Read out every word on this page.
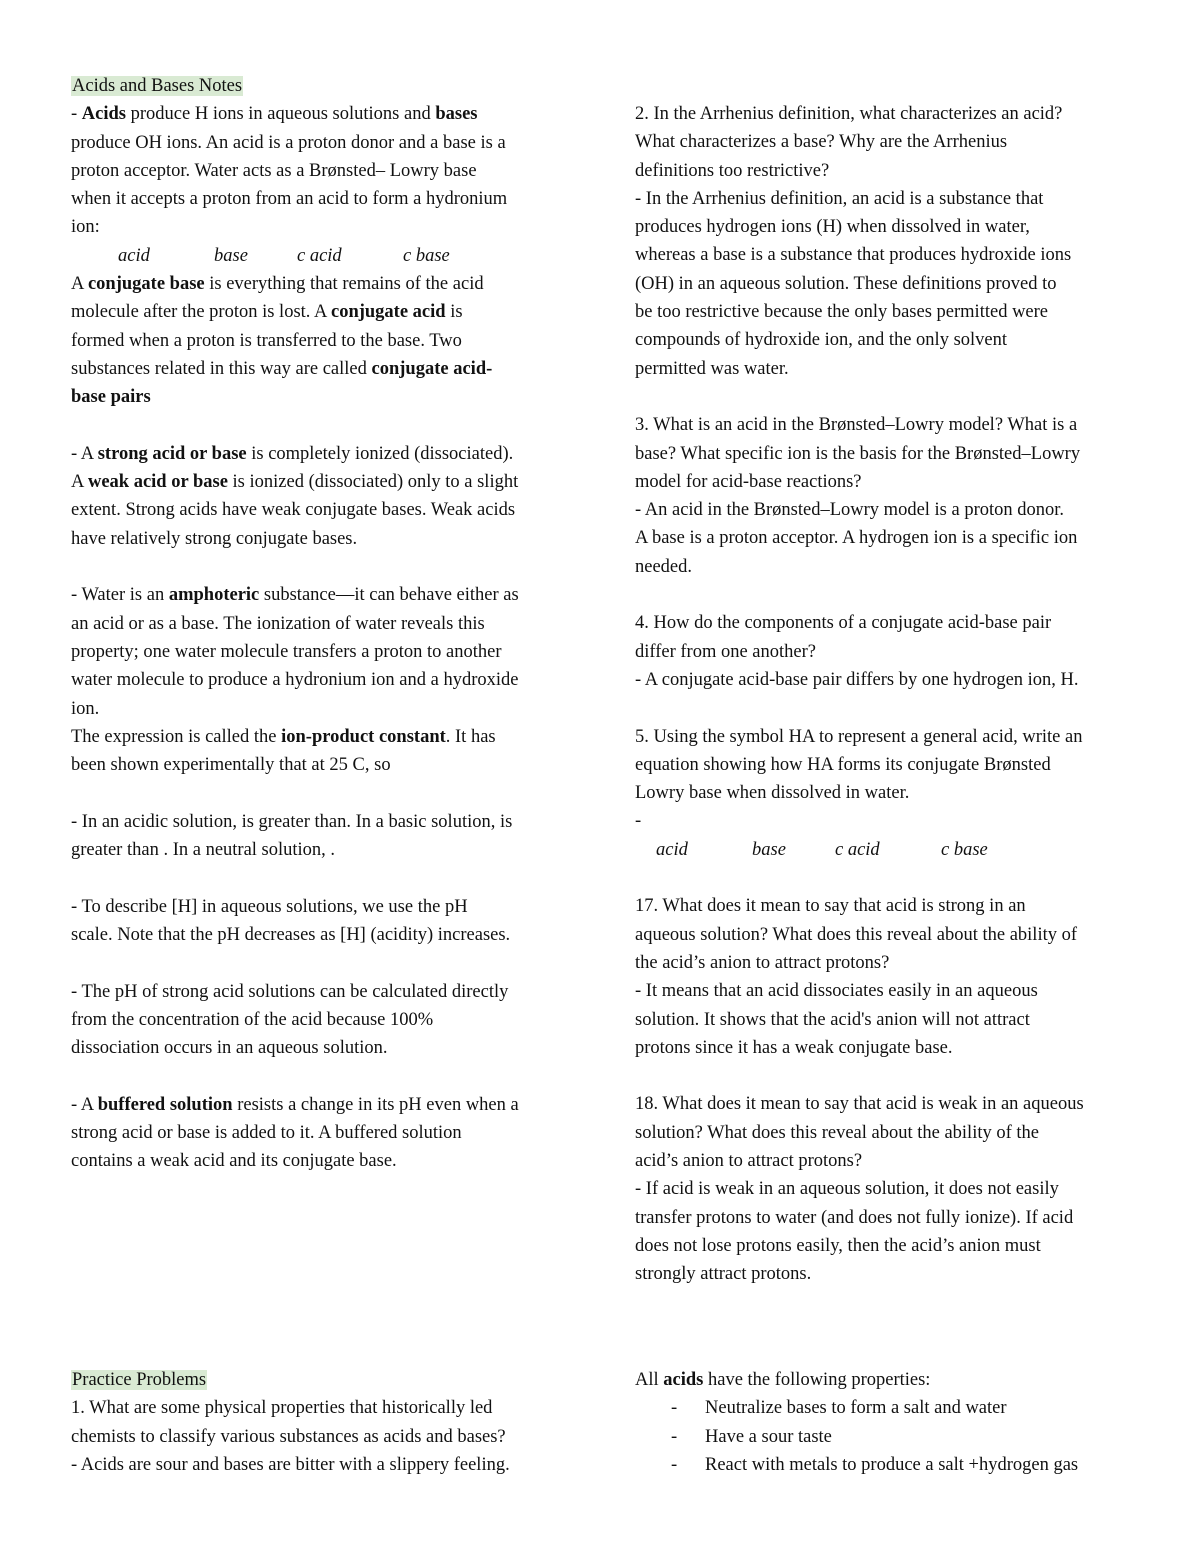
Acids and Bases Notes
- Acids produce H ions in aqueous solutions and bases
produce OH ions. An acid is a proton donor and a base is a
proton acceptor. Water acts as a Brønsted– Lowry base
when it accepts a proton from an acid to form a hydronium
ion:
acid	base	c acid	c base
A conjugate base is everything that remains of the acid
molecule after the proton is lost. A conjugate acid is
formed when a proton is transferred to the base. Two
substances related in this way are called conjugate acid-
base pairs
- A strong acid or base is completely ionized (dissociated).
A weak acid or base is ionized (dissociated) only to a slight
extent. Strong acids have weak conjugate bases. Weak acids
have relatively strong conjugate bases.
- Water is an amphoteric substance—it can behave either as
an acid or as a base. The ionization of water reveals this
property; one water molecule transfers a proton to another
water molecule to produce a hydronium ion and a hydroxide
ion.
The expression is called the ion-product constant. It has
been shown experimentally that at 25 C, so
- In an acidic solution, is greater than. In a basic solution, is
greater than . In a neutral solution, .
- To describe [H] in aqueous solutions, we use the pH
scale. Note that the pH decreases as [H] (acidity) increases.
- The pH of strong acid solutions can be calculated directly
from the concentration of the acid because 100%
dissociation occurs in an aqueous solution.
- A buffered solution resists a change in its pH even when a
strong acid or base is added to it. A buffered solution
contains a weak acid and its conjugate base.
2. In the Arrhenius definition, what characterizes an acid?
What characterizes a base? Why are the Arrhenius
definitions too restrictive?
- In the Arrhenius definition, an acid is a substance that
produces hydrogen ions (H) when dissolved in water,
whereas a base is a substance that produces hydroxide ions
(OH) in an aqueous solution. These definitions proved to
be too restrictive because the only bases permitted were
compounds of hydroxide ion, and the only solvent
permitted was water.
3. What is an acid in the Brønsted–Lowry model? What is a
base? What specific ion is the basis for the Brønsted–Lowry
model for acid-base reactions?
- An acid in the Brønsted–Lowry model is a proton donor.
A base is a proton acceptor. A hydrogen ion is a specific ion
needed.
4. How do the components of a conjugate acid-base pair
differ from one another?
- A conjugate acid-base pair differs by one hydrogen ion, H.
5. Using the symbol HA to represent a general acid, write an
equation showing how HA forms its conjugate Brønsted
Lowry base when dissolved in water.
-
acid	base	c acid	c base
17. What does it mean to say that acid is strong in an
aqueous solution? What does this reveal about the ability of
the acid’s anion to attract protons?
- It means that an acid dissociates easily in an aqueous
solution. It shows that the acid's anion will not attract
protons since it has a weak conjugate base.
18. What does it mean to say that acid is weak in an aqueous
solution? What does this reveal about the ability of the
acid’s anion to attract protons?
- If acid is weak in an aqueous solution, it does not easily
transfer protons to water (and does not fully ionize). If acid
does not lose protons easily, then the acid’s anion must
strongly attract protons.
Practice Problems
1. What are some physical properties that historically led
chemists to classify various substances as acids and bases?
- Acids are sour and bases are bitter with a slippery feeling.
All acids have the following properties:
- Neutralize bases to form a salt and water
- Have a sour taste
- React with metals to produce a salt +hydrogen gas
